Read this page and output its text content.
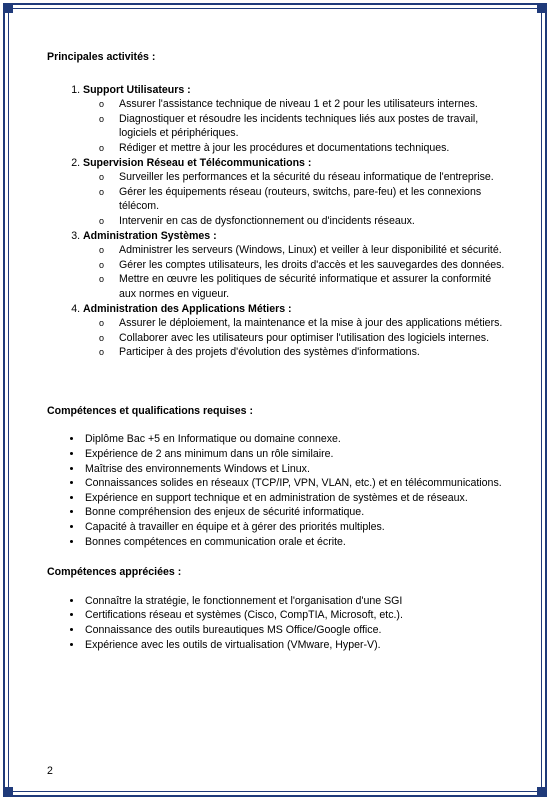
Principales activités :

1. Support Utilisateurs :
o Assurer l'assistance technique de niveau 1 et 2 pour les utilisateurs internes.
o Diagnostiquer et résoudre les incidents techniques liés aux postes de travail, logiciels et périphériques.
o Rédiger et mettre à jour les procédures et documentations techniques.
2. Supervision Réseau et Télécommunications :
o Surveiller les performances et la sécurité du réseau informatique de l'entreprise.
o Gérer les équipements réseau (routeurs, switchs, pare-feu) et les connexions télécom.
o Intervenir en cas de dysfonctionnement ou d'incidents réseaux.
3. Administration Systèmes :
o Administrer les serveurs (Windows, Linux) et veiller à leur disponibilité et sécurité.
o Gérer les comptes utilisateurs, les droits d'accès et les sauvegardes des données.
o Mettre en œuvre les politiques de sécurité informatique et assurer la conformité aux normes en vigueur.
4. Administration des Applications Métiers :
o Assurer le déploiement, la maintenance et la mise à jour des applications métiers.
o Collaborer avec les utilisateurs pour optimiser l'utilisation des logiciels internes.
o Participer à des projets d'évolution des systèmes d'informations.

Compétences et qualifications requises :

• Diplôme Bac +5 en Informatique ou domaine connexe.
• Expérience de 2 ans minimum dans un rôle similaire.
• Maîtrise des environnements Windows et Linux.
• Connaissances solides en réseaux (TCP/IP, VPN, VLAN, etc.) et en télécommunications.
• Expérience en support technique et en administration de systèmes et de réseaux.
• Bonne compréhension des enjeux de sécurité informatique.
• Capacité à travailler en équipe et à gérer des priorités multiples.
• Bonnes compétences en communication orale et écrite.

Compétences appréciées :

• Connaître la stratégie, le fonctionnement et l'organisation d'une SGI
• Certifications réseau et systèmes (Cisco, CompTIA, Microsoft, etc.).
• Connaissance des outils bureautiques MS Office/Google office.
• Expérience avec les outils de virtualisation (VMware, Hyper-V).
2
